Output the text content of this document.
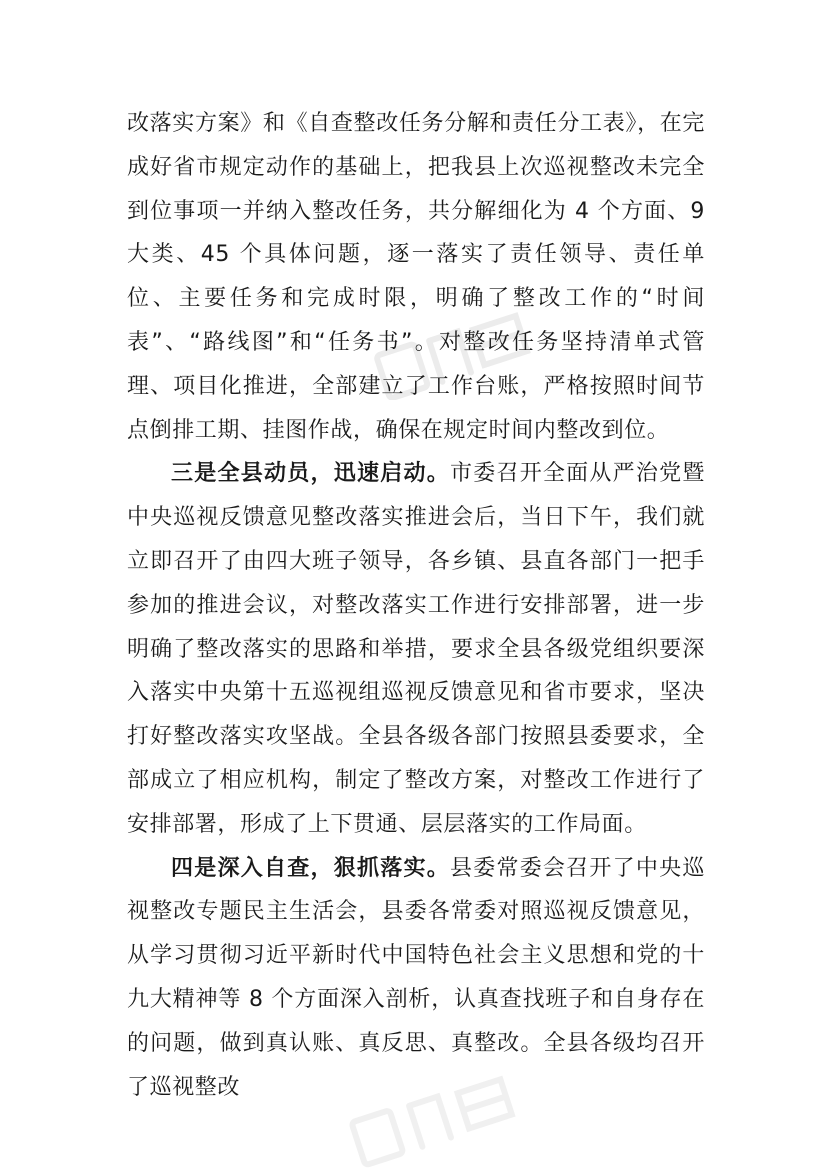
改落实方案》和《自查整改任务分解和责任分工表》，在完成好省市规定动作的基础上，把我县上次巡视整改未完全到位事项一并纳入整改任务，共分解细化为 4 个方面、9 大类、45 个具体问题，逐一落实了责任领导、责任单位、主要任务和完成时限，明确了整改工作的“时间表”、“路线图”和“任务书”。对整改任务坚持清单式管理、项目化推进，全部建立了工作台账，严格按照时间节点倒排工期、挂图作战，确保在规定时间内整改到位。

三是全县动员，迅速启动。市委召开全面从严治党暨中央巡视反馈意见整改落实推进会后，当日下午，我们就立即召开了由四大班子领导，各乡镇、县直各部门一把手参加的推进会议，对整改落实工作进行安排部署，进一步明确了整改落实的思路和举措，要求全县各级党组织要深入落实中央第十五巡视组巡视反馈意见和省市要求，坚决打好整改落实攻坚战。全县各级各部门按照县委要求，全部成立了相应机构，制定了整改方案，对整改工作进行了安排部署，形成了上下贯通、层层落实的工作局面。

四是深入自查，狠抓落实。县委常委会召开了中央巡视整改专题民主生活会，县委各常委对照巡视反馈意见，从学习贯彻习近平新时代中国特色社会主义思想和党的十九大精神等 8 个方面深入剖析，认真查找班子和自身存在的问题，做到真认账、真反思、真整改。全县各级均召开了巡视整改
